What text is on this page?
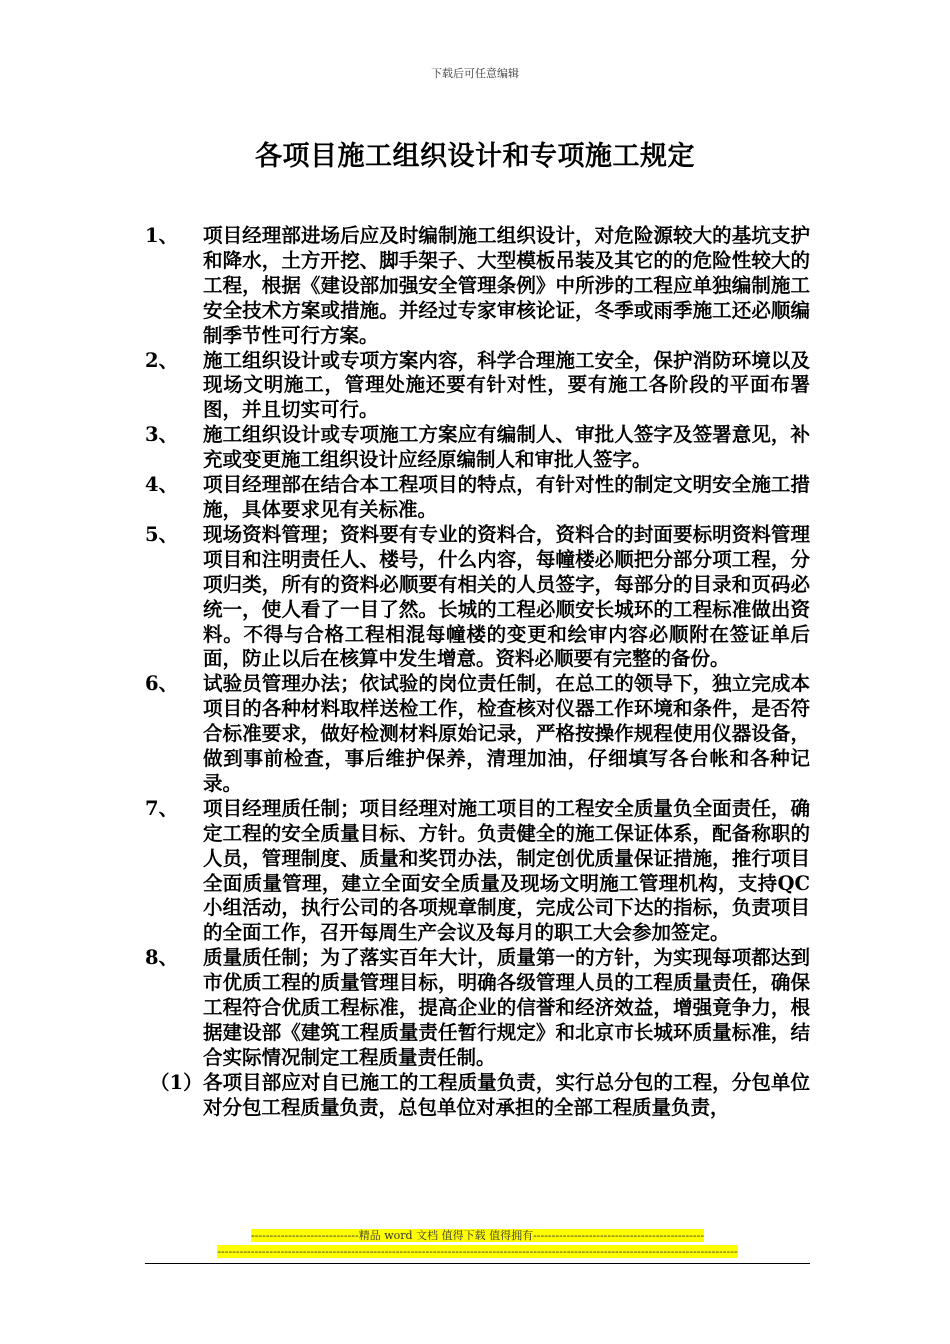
下载后可任意编辑
各项目施工组织设计和专项施工规定
1、	项目经理部进场后应及时编制施工组织设计，对危险源较大的基坑支护和降水，土方开挖、脚手架子、大型模板吊装及其它的的危险性较大的工程，根据《建设部加强安全管理条例》中所涉的工程应单独编制施工安全技术方案或措施。并经过专家审核论证，冬季或雨季施工还必顺编制季节性可行方案。
2、	施工组织设计或专项方案内容，科学合理施工安全，保护消防环境以及现场文明施工，管理处施还要有针对性，要有施工各阶段的平面布署图，并且切实可行。
3、	施工组织设计或专项施工方案应有编制人、审批人签字及签署意见，补充或变更施工组织设计应经原编制人和审批人签字。
4、	项目经理部在结合本工程项目的特点，有针对性的制定文明安全施工措施，具体要求见有关标准。
5、	现场资料管理；资料要有专业的资料合，资料合的封面要标明资料管理项目和注明责任人、楼号，什么内容，每幢楼必顺把分部分项工程，分项归类，所有的资料必顺要有相关的人员签字，每部分的目录和页码必统一，使人看了一目了然。长城的工程必顺安长城环的工程标准做出资料。不得与合格工程相混每幢楼的变更和绘审内容必顺附在签证单后面，防止以后在核算中发生增意。资料必顺要有完整的备份。
6、	试验员管理办法；依试验的岗位责任制，在总工的领导下，独立完成本项目的各种材料取样送检工作，检查核对仪器工作环境和条件，是否符合标准要求，做好检测材料原始记录，严格按操作规程使用仪器设备，做到事前检查，事后维护保养，清理加油，仔细填写各台帐和各种记录。
7、	项目经理质任制；项目经理对施工项目的工程安全质量负全面责任，确定工程的安全质量目标、方针。负责健全的施工保证体系，配备称职的人员，管理制度、质量和奖罚办法，制定创优质量保证措施，推行项目全面质量管理，建立全面安全质量及现场文明施工管理机构，支持QC小组活动，执行公司的各项规章制度，完成公司下达的指标，负责项目的全面工作，召开每周生产会议及每月的职工大会参加签定。
8、	质量质任制；为了落实百年大计，质量第一的方针，为实现每项都达到市优质工程的质量管理目标，明确各级管理人员的工程质量责任，确保工程符合优质工程标准，提高企业的信誉和经济效益，增强竟争力，根据建设部《建筑工程质量责任暂行规定》和北京市长城环质量标准，结合实际情况制定工程质量责任制。
（1） 各项目部应对自已施工的工程质量负责，实行总分包的工程，分包单位对分包工程质量负责，总包单位对承担的全部工程质量负责，
-----------------------------精品 word 文档 值得下载 值得拥有----------------------------------------------
--------------------------------------------------------------------------------------------------------------------------------------------
